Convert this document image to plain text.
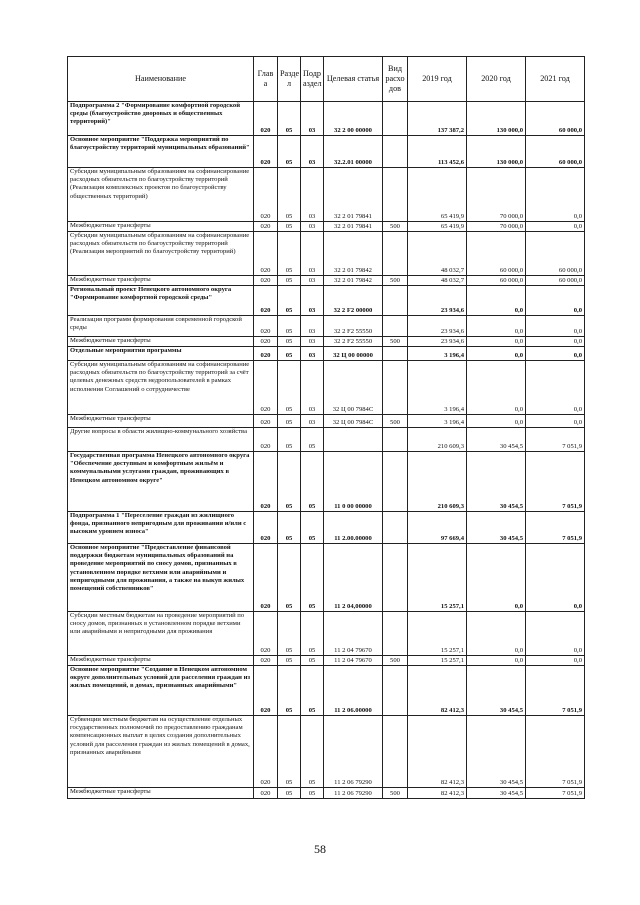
Наименование	Глав а	Разде л	Подр аздел	Целевая статья	Вид расхо дов	2019 год	2020 год	2021 год
Подпрограмма 2 "Формирование комфортной городской среды (благоустройство дворовых и общественных территорий)"	020	05	03	32 2 00 00000		137 387,2	130 000,0	60 000,0
Основное мероприятие "Поддержка мероприятий по благоустройству территорий муниципальных образований"	020	05	03	32.2.01 00000		113 452,6	130 000,0	60 000,0
Субсидии муниципальным образованиям на софинансирование расходных обязательств по благоустройству территорий (Реализация комплексных проектов по благоустройству общественных территорий)	020	05	03	32 2 01 79841		65 419,9	70 000,0	0,0
Межбюджетные трансферты	020	05	03	32 2 01 79841	500	65 419,9	70 000,0	0,0
Субсидии муниципальным образованиям на софинансирование расходных обязательств по благоустройству территорий (Реализация мероприятий по благоустройству территорий)	020	05	03	32 2 01 79842		48 032,7	60 000,0	60 000,0
Межбюджетные трансферты	020	05	03	32 2 01 79842	500	48 032,7	60 000,0	60 000,0
Региональный проект Ненецкого автономного округа "Формирование комфортной городской среды"	020	05	03	32 2 F2 00000		23 934,6	0,0	0,0
Реализация программ формирования современной городской среды	020	05	03	32 2 F2 55550		23 934,6	0,0	0,0
Межбюджетные трансферты	020	05	03	32 2 F2 55550	500	23 934,6	0,0	0,0
Отдельные мероприятия программы	020	05	03	32 Ц 00 00000		3 196,4	0,0	0,0
Субсидии муниципальным образованиям на софинансирование расходных обязательств по благоустройству территорий за счёт целевых денежных средств недропользователей в рамках исполнения Соглашений о сотрудничестве	020	05	03	32 Ц 00 7984С		3 196,4	0,0	0,0
Межбюджетные трансферты	020	05	03	32 Ц 00 7984С	500	3 196,4	0,0	0,0
Другие вопросы в области жилищно-коммунального хозяйства	020	05	05			210 609,3	30 454,5	7 051,9
Государственная программа Ненецкого автономного округа "Обеспечение доступным и комфортным жильём и коммунальными услугами граждан, проживающих в Ненецком автономном округе"	020	05	05	11 0 00 00000		210 609,3	30 454,5	7 051,9
Подпрограмма 1 "Переселение граждан из жилищного фонда, признанного непригодным для проживания и/или с высоким уровнем износа"	020	05	05	11 2.00.00000		97 669,4	30 454,5	7 051,9
Основное мероприятие "Предоставление финансовой поддержки бюджетам муниципальных образований на проведение мероприятий по сносу домов, признанных в установленном порядке ветхими или аварийными и непригодными для проживания, а также на выкуп жилых помещений собственников"	020	05	05	11 2 04,00000		15 257,1	0,0	0,0
Субсидии местным бюджетам на проведение мероприятий по сносу домов, признанных в установленном порядке ветхими или аварийными и непригодными для проживания	020	05	05	11 2 04 79670		15 257,1	0,0	0,0
Межбюджетные трансферты	020	05	05	11 2 04 79670	500	15 257,1	0,0	0,0
Основное мероприятие "Создание в Ненецком автономном округе дополнительных условий для расселения граждан из жилых помещений, в домах, признанных аварийными"	020	05	05	11 2 06.00000		82 412,3	30 454,5	7 051,9
Субвенции местным бюджетам на осуществление отдельных государственных полномочий по предоставлению гражданам компенсационных выплат в целях создания дополнительных условий для расселения граждан из жилых помещений в домах, признанных аварийными	020	05	05	11 2 06 79290		82 412,3	30 454,5	7 051,9
Межбюджетные трансферты	020	05	05	11 2 06 79290	500	82 412,3	30 454,5	7 051,9
58
